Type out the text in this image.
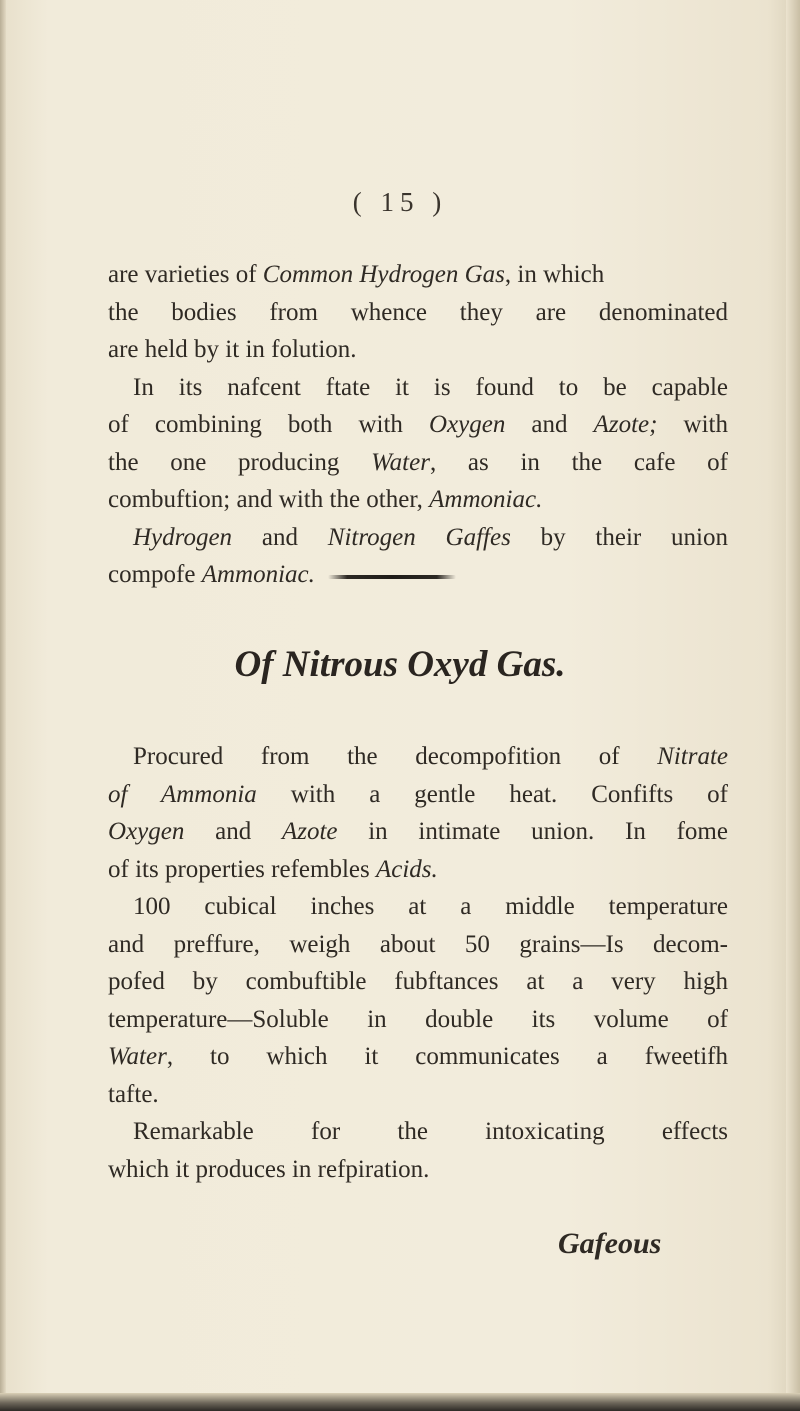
( 15 )
are varieties of Common Hydrogen Gas, in which
the bodies from whence they are denominated
are held by it in folution.
In its nafcent ftate it is found to be capable
of combining both with Oxygen and Azote; with
the one producing Water, as in the cafe of
combuftion; and with the other, Ammoniac.
Hydrogen and Nitrogen Gaffes by their union
compofe Ammoniac.
Of Nitrous Oxyd Gas.
Procured from the decompofition of Nitrate
of Ammonia with a gentle heat. Confifts of
Oxygen and Azote in intimate union. In fome
of its properties refembles Acids.
100 cubical inches at a middle temperature
and preffure, weigh about 50 grains—Is decom-
pofed by combuftible fubftances at a very high
temperature—Soluble in double its volume of
Water, to which it communicates a fweetifh
tafte.
Remarkable for the intoxicating effects
which it produces in refpiration.
Gafeous
